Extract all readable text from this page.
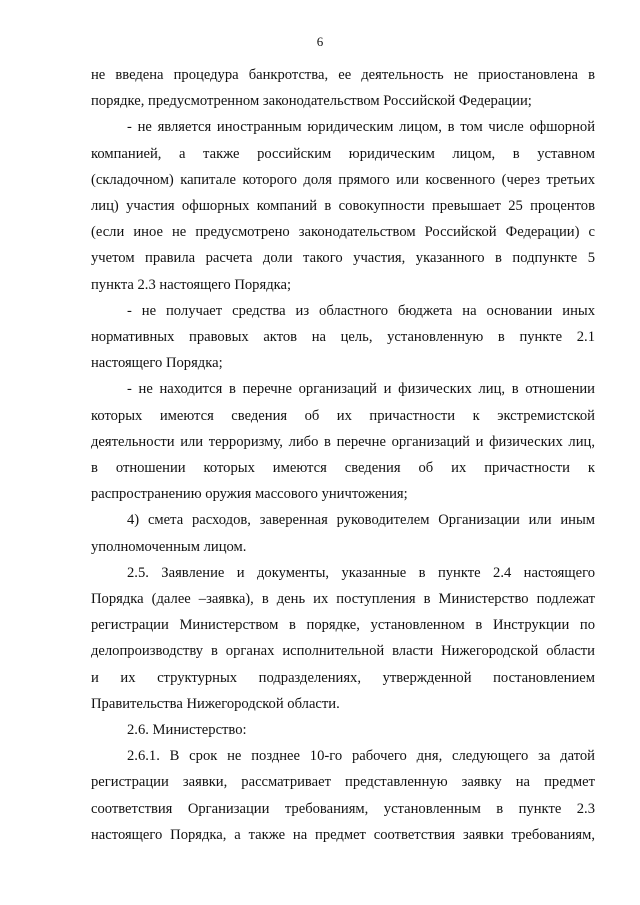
6
не введена процедура банкротства, ее деятельность не приостановлена в
порядке, предусмотренном законодательством Российской Федерации;
- не является иностранным юридическим лицом, в том числе офшорной
компанией, а также российским юридическим лицом, в уставном
(складочном) капитале которого доля прямого или косвенного (через третьих
лиц) участия офшорных компаний в совокупности превышает 25 процентов
(если иное не предусмотрено законодательством Российской Федерации) с
учетом правила расчета доли такого участия, указанного в подпункте 5
пункта 2.3 настоящего Порядка;
- не получает средства из областного бюджета на основании иных
нормативных правовых актов на цель, установленную в пункте 2.1
настоящего Порядка;
- не находится в перечне организаций и физических лиц, в отношении
которых имеются сведения об их причастности к экстремистской
деятельности или терроризму, либо в перечне организаций и физических лиц,
в отношении которых имеются сведения об их причастности к
распространению оружия массового уничтожения;
4) смета расходов, заверенная руководителем Организации или иным
уполномоченным лицом.
2.5. Заявление и документы, указанные в пункте 2.4 настоящего
Порядка (далее –заявка), в день их поступления в Министерство подлежат
регистрации Министерством в порядке, установленном в Инструкции по
делопроизводству в органах исполнительной власти Нижегородской области
и их структурных подразделениях, утвержденной постановлением
Правительства Нижегородской области.
2.6. Министерство:
2.6.1. В срок не позднее 10-го рабочего дня, следующего за датой
регистрации заявки, рассматривает представленную заявку на предмет
соответствия Организации требованиям, установленным в пункте 2.3
настоящего Порядка, а также на предмет соответствия заявки требованиям,
